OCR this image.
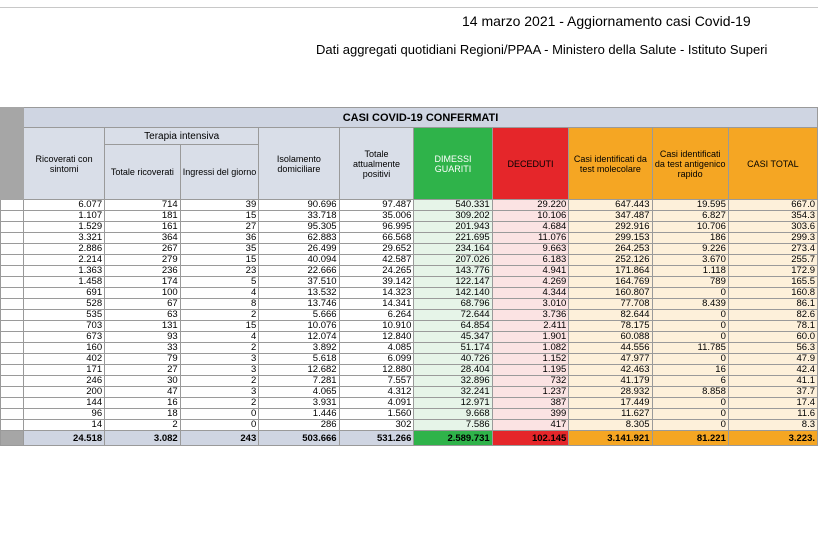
14 marzo 2021 - Aggiornamento casi Covid-19
Dati aggregati quotidiani Regioni/PPAA - Ministero della Salute - Istituto Superi
	CASI COVID-19 CONFERMATI									
	Ricoverati con sintomi	Terapia intensiva		Isolamento domiciliare	Totale attualmente positivi	DIMESSI GUARITI	DECEDUTI	Casi identificati da test molecolare	Casi identificati da test antigenico rapido	CASI TOTAL
		Totale ricoverati	Ingressi del giorno							
	6.077	714	39	90.696	97.487	540.331	29.220	647.443	19.595	667.0
	1.107	181	15	33.718	35.006	309.202	10.106	347.487	6.827	354.3
	1.529	161	27	95.305	96.995	201.943	4.684	292.916	10.706	303.6
	3.321	364	36	62.883	66.568	221.695	11.076	299.153	186	299.3
	2.886	267	35	26.499	29.652	234.164	9.663	264.253	9.226	273.4
	2.214	279	15	40.094	42.587	207.026	6.183	252.126	3.670	255.7
	1.363	236	23	22.666	24.265	143.776	4.941	171.864	1.118	172.9
	1.458	174	5	37.510	39.142	122.147	4.269	164.769	789	165.5
	691	100	4	13.532	14.323	142.140	4.344	160.807	0	160.8
	528	67	8	13.746	14.341	68.796	3.010	77.708	8.439	86.1
	535	63	2	5.666	6.264	72.644	3.736	82.644	0	82.6
	703	131	15	10.076	10.910	64.854	2.411	78.175	0	78.1
	673	93	4	12.074	12.840	45.347	1.901	60.088	0	60.0
	160	33	2	3.892	4.085	51.174	1.082	44.556	11.785	56.3
	402	79	3	5.618	6.099	40.726	1.152	47.977	0	47.9
	171	27	3	12.682	12.880	28.404	1.195	42.463	16	42.4
	246	30	2	7.281	7.557	32.896	732	41.179	6	41.1
	200	47	3	4.065	4.312	32.241	1.237	28.932	8.858	37.7
	144	16	2	3.931	4.091	12.971	387	17.449	0	17.4
	96	18	0	1.446	1.560	9.668	399	11.627	0	11.6
	14	2	0	286	302	7.586	417	8.305	0	8.3
	24.518	3.082	243	503.666	531.266	2.589.731	102.145	3.141.921	81.221	3.223.
